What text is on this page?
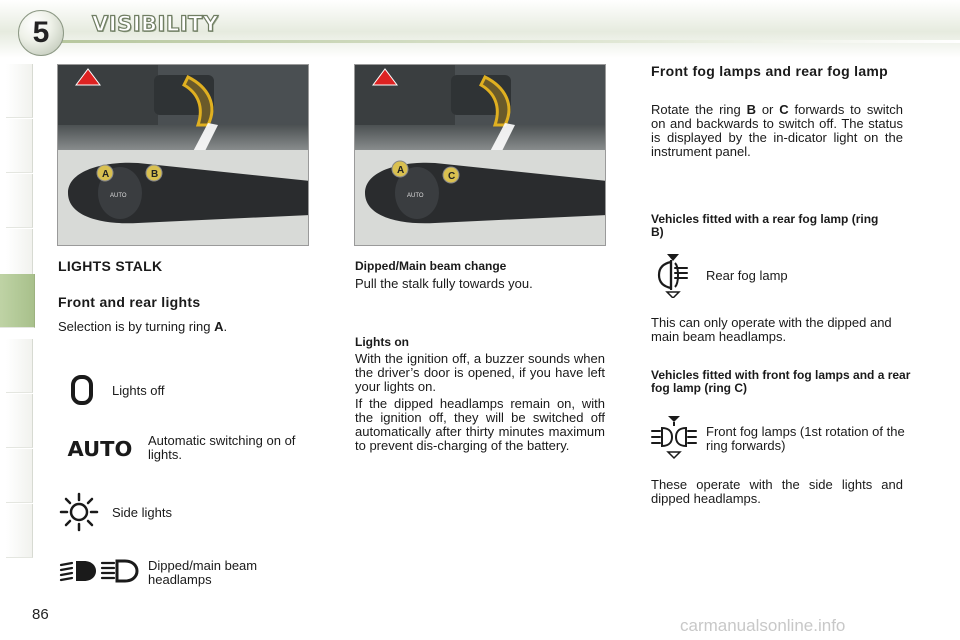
5	VISIBILITY
A	B
AUTO
A
C
AUTO
LIGHTS STALK
Front and rear lights
Selection is by turning ring A.
Lights off
AUTO Automatic switching on of lights.
Side lights
Dipped/main beam headlamps
Dipped/Main beam change
Pull the stalk fully towards you.
Lights on
With the ignition off, a buzzer sounds when the driver’s door is opened, if you have left your lights on.
If the dipped headlamps remain on, with the ignition off, they will be switched off automatically after thirty minutes maximum to prevent dis-charging of the battery.
Front fog lamps and rear fog lamp
Rotate the ring B or C forwards to switch on and backwards to switch off. The status is displayed by the in-dicator light on the instrument panel.
Vehicles fitted with a rear fog lamp (ring B)
Rear fog lamp
This can only operate with the dipped and main beam headlamps.
Vehicles fitted with front fog lamps and a rear fog lamp (ring C)
Front fog lamps (1st rotation of the ring forwards)
These operate with the side lights and dipped headlamps.
86
carmanualsonline.info
